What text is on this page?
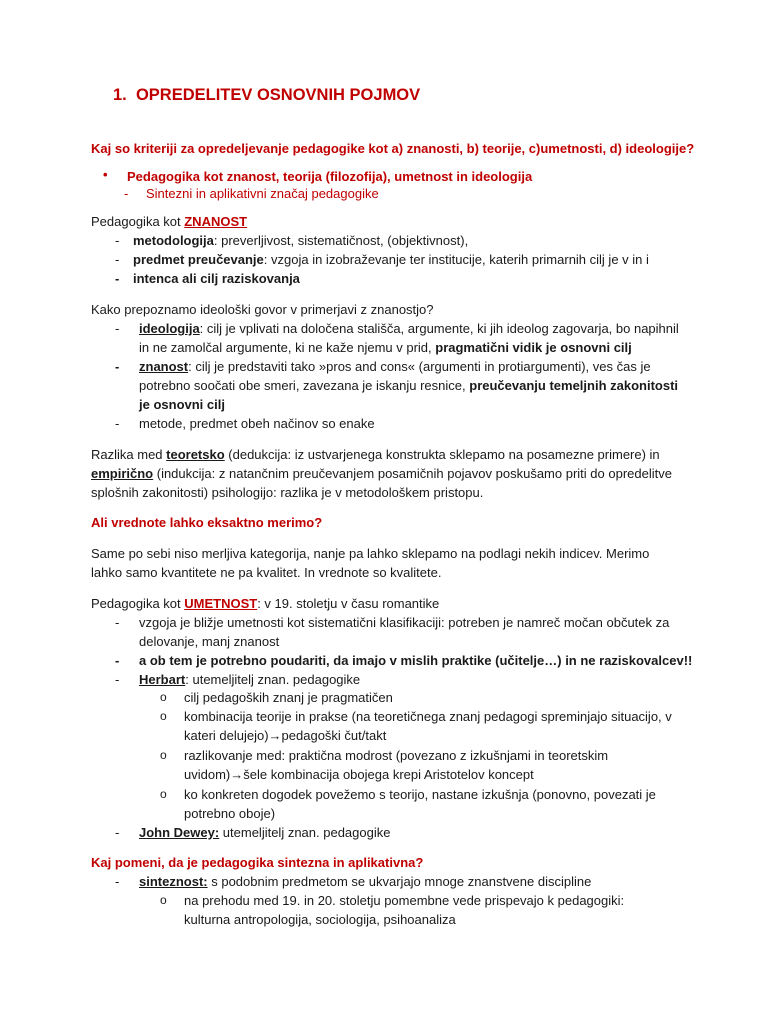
1. OPREDELITEV OSNOVNIH POJMOV
Kaj so kriteriji za opredeljevanje pedagogike kot a) znanosti, b) teorije, c)umetnosti, d) ideologije?
• Pedagogika kot znanost, teorija (filozofija), umetnost in ideologija
- Sintezni in aplikativni značaj pedagogike
Pedagogika kot ZNANOST
- metodologija: preverljivost, sistematičnost, (objektivnost),
- predmet preučevanje: vzgoja in izobraževanje ter institucije, katerih primarnih cilj je v in i
- intenca ali cilj raziskovanja
Kako prepoznamo ideološki govor v primerjavi z znanostjo?
- ideologija: cilj je vplivati na določena stališča, argumente, ki jih ideolog zagovarja, bo napihnil
in ne zamolčal argumente, ki ne kaže njemu v prid, pragmatični vidik je osnovni cilj
- znanost: cilj je predstaviti tako »pros and cons« (argumenti in protiargumenti), ves čas je
potrebno soočati obe smeri, zavezana je iskanju resnice, preučevanju temeljnih zakonitosti
je osnovni cilj
- metode, predmet obeh načinov so enake
Razlika med teoretsko (dedukcija: iz ustvarjenega konstrukta sklepamo na posamezne primere) in
empirično (indukcija: z natančnim preučevanjem posamičnih pojavov poskušamo priti do opredelitve
splošnih zakonitosti) psihologijo: razlika je v metodološkem pristopu.
Ali vrednote lahko eksaktno merimo?
Same po sebi niso merljiva kategorija, nanje pa lahko sklepamo na podlagi nekih indicev. Merimo
lahko samo kvantitete ne pa kvalitet. In vrednote so kvalitete.
Pedagogika kot UMETNOST: v 19. stoletju v času romantike
- vzgoja je bližje umetnosti kot sistematični klasifikaciji: potreben je namreč močan občutek za
delovanje, manj znanost
- a ob tem je potrebno poudariti, da imajo v mislih praktike (učitelje…) in ne raziskovalcev!!
- Herbart: utemeljitelj znan. pedagogike
o cilj pedagoških znanj je pragmatičen
o kombinacija teorije in prakse (na teoretičnega znanj pedagogi spreminjajo situacijo, v
kateri delujejo)→pedagoški čut/takt
o razlikovanje med: praktična modrost (povezano z izkušnjami in teoretskim
uvidom)→šele kombinacija obojega krepi Aristotelov koncept
o ko konkreten dogodek povežemo s teorijo, nastane izkušnja (ponovno, povezati je
potrebno oboje)
- John Dewey: utemeljitelj znan. pedagogike
Kaj pomeni, da je pedagogika sintezna in aplikativna?
- sinteznost: s podobnim predmetom se ukvarjajo mnoge znanstvene discipline
o na prehodu med 19. in 20. stoletju pomembne vede prispevajo k pedagogiki:
kulturna antropologija, sociologija, psihoanaliza
